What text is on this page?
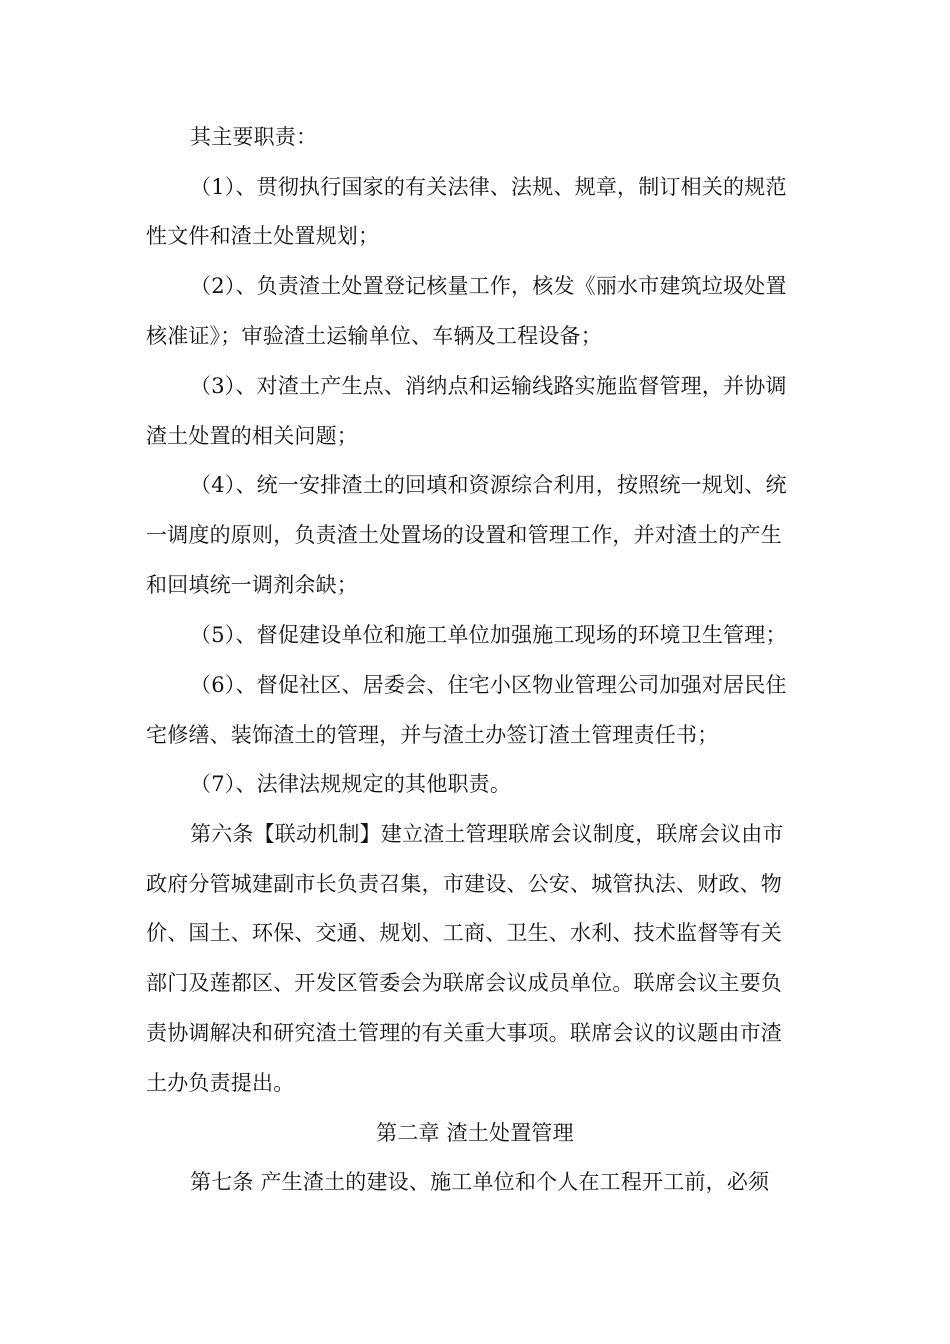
其主要职责：

（1）、贯彻执行国家的有关法律、法规、规章，制订相关的规范

性文件和渣土处置规划；

（2）、负责渣土处置登记核量工作，核发《丽水市建筑垃圾处置

核准证》；审验渣土运输单位、车辆及工程设备；

（3）、对渣土产生点、消纳点和运输线路实施监督管理，并协调

渣土处置的相关问题；

（4）、统一安排渣土的回填和资源综合利用，按照统一规划、统

一调度的原则，负责渣土处置场的设置和管理工作，并对渣土的产生

和回填统一调剂余缺；

（5）、督促建设单位和施工单位加强施工现场的环境卫生管理；

（6）、督促社区、居委会、住宅小区物业管理公司加强对居民住

宅修缮、装饰渣土的管理，并与渣土办签订渣土管理责任书；

（7）、法律法规规定的其他职责。

第六条【联动机制】建立渣土管理联席会议制度，联席会议由市

政府分管城建副市长负责召集，市建设、公安、城管执法、财政、物

价、国土、环保、交通、规划、工商、卫生、水利、技术监督等有关

部门及莲都区、开发区管委会为联席会议成员单位。联席会议主要负

责协调解决和研究渣土管理的有关重大事项。联席会议的议题由市渣

土办负责提出。

第二章 渣土处置管理

第七条 产生渣土的建设、施工单位和个人在工程开工前，必须
